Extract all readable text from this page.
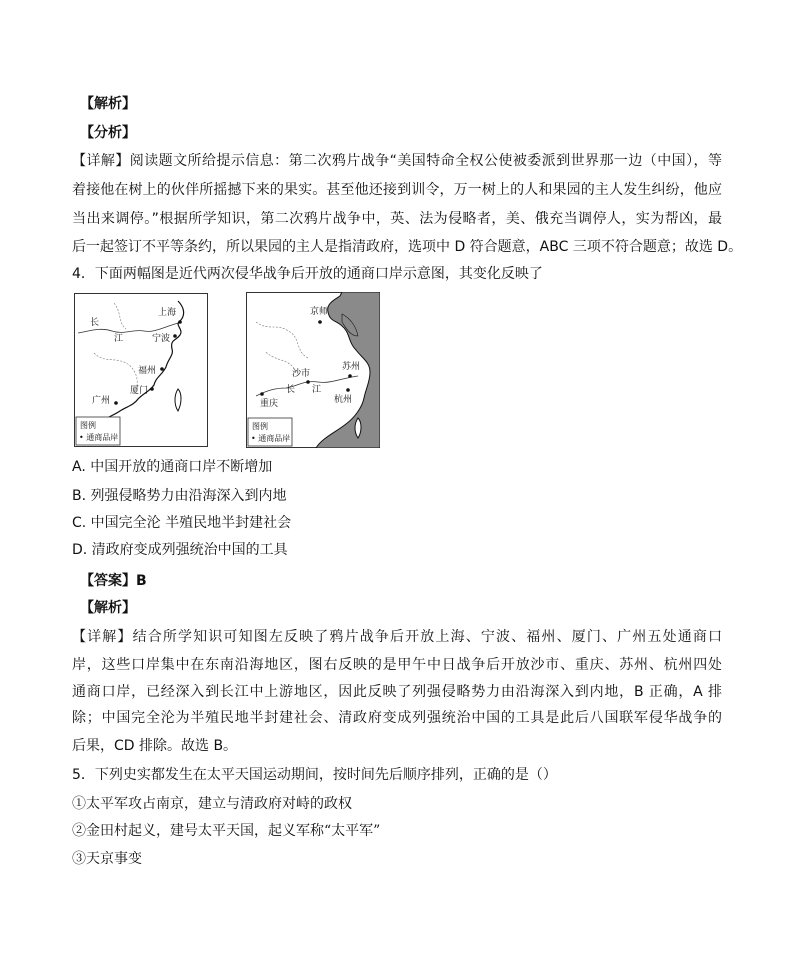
【解析】
【分析】
【详解】阅读题文所给提示信息：第二次鸦片战争“美国特命全权公使被委派到世界那一边（中国），等
着接他在树上的伙伴所摇撼下来的果实。甚至他还接到训令，万一树上的人和果园的主人发生纠纷，他应
当出来调停。”根据所学知识，第二次鸦片战争中，英、法为侵略者，美、俄充当调停人，实为帮凶，最
后一起签订不平等条约，所以果园的主人是指清政府，选项中 D 符合题意，ABC 三项不符合题意；故选 D。
4．下面两幅图是近代两次侵华战争后开放的通商口岸示意图，其变化反映了
上海
长
江	宁波
福州
厦门
广州
图例
• 通商品岸
京师
苏州
沙市
江
长
重庆	杭州
图例
• 通商品岸
A. 中国开放的通商口岸不断增加
B. 列强侵略势力由沿海深入到内地
C. 中国完全沦 半殖民地半封建社会
D. 清政府变成列强统治中国的工具
【答案】B
【解析】
【详解】结合所学知识可知图左反映了鸦片战争后开放上海、宁波、福州、厦门、广州五处通商口
岸，这些口岸集中在东南沿海地区，图右反映的是甲午中日战争后开放沙市、重庆、苏州、杭州四处
通商口岸，已经深入到长江中上游地区，因此反映了列强侵略势力由沿海深入到内地，B 正确，A 排
除；中国完全沦为半殖民地半封建社会、清政府变成列强统治中国的工具是此后八国联军侵华战争的
后果，CD 排除。故选 B。
5．下列史实都发生在太平天国运动期间，按时间先后顺序排列，正确的是（）
①太平军攻占南京，建立与清政府对峙的政权
②金田村起义，建号太平天国，起义军称“太平军”
③天京事变
